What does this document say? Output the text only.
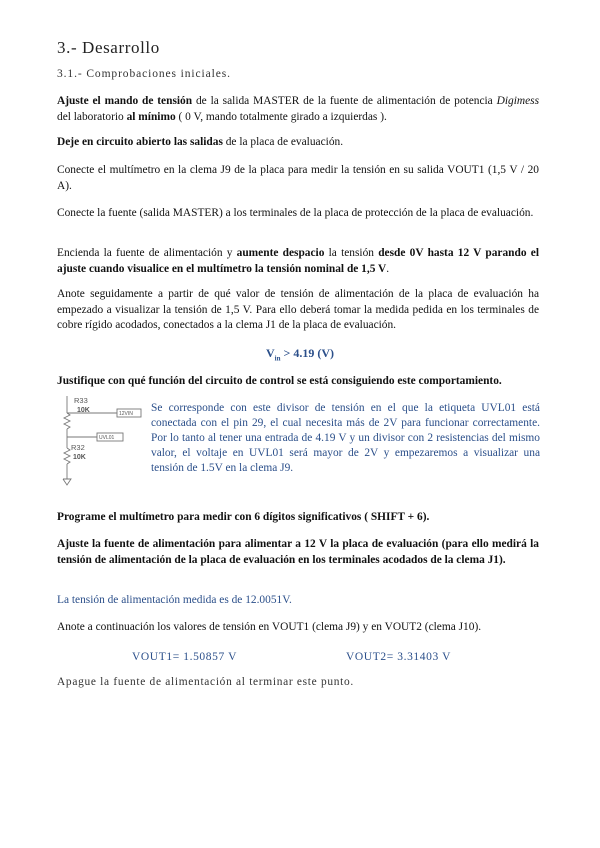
3.- Desarrollo
3.1.- Comprobaciones iniciales.

Ajuste el mando de tensión de la salida MASTER de la fuente de alimentación de potencia Digimess del laboratorio al mínimo ( 0 V, mando totalmente girado a izquierdas ).

Deje en circuito abierto las salidas de la placa de evaluación.

Conecte el multímetro en la clema J9 de la placa para medir la tensión en su salida VOUT1 (1,5 V / 20 A).

Conecte la fuente (salida MASTER) a los terminales de la placa de protección de la placa de evaluación.

Encienda la fuente de alimentación y aumente despacio la tensión desde 0V hasta 12 V parando el ajuste cuando visualice en el multímetro la tensión nominal de 1,5 V.

Anote seguidamente a partir de qué valor de tensión de alimentación de la placa de evaluación ha empezado a visualizar la tensión de 1,5 V. Para ello deberá tomar la medida pedida en los terminales de cobre rígido acodados, conectados a la clema J1 de la placa de evaluación.

$V_{in} > 4.19$ (V)

Justifique con qué función del circuito de control se está consiguiendo este comportamiento.

R33
10K
R32
10K
12VIN
UVL01

Se corresponde con este divisor de tensión en el que la etiqueta UVL01 está conectada con el pin 29, el cual necesita más de 2V para funcionar correctamente. Por lo tanto al tener una entrada de 4.19 V y un divisor con 2 resistencias del mismo valor, el voltaje en UVL01 será mayor de 2V y empezaremos a visualizar una tensión de 1.5V en la clema J9.

Programe el multímetro para medir con 6 dígitos significativos ( SHIFT + 6).

Ajuste la fuente de alimentación para alimentar a 12 V la placa de evaluación (para ello medirá la tensión de alimentación de la placa de evaluación en los terminales acodados de la clema J1).

La tensión de alimentación medida es de 12.0051V.

Anote a continuación los valores de tensión en VOUT1 (clema J9) y en VOUT2 (clema J10).

VOUT1= 1.50857 V	VOUT2= 3.31403 V
Apague la fuente de alimentación al terminar este punto.
